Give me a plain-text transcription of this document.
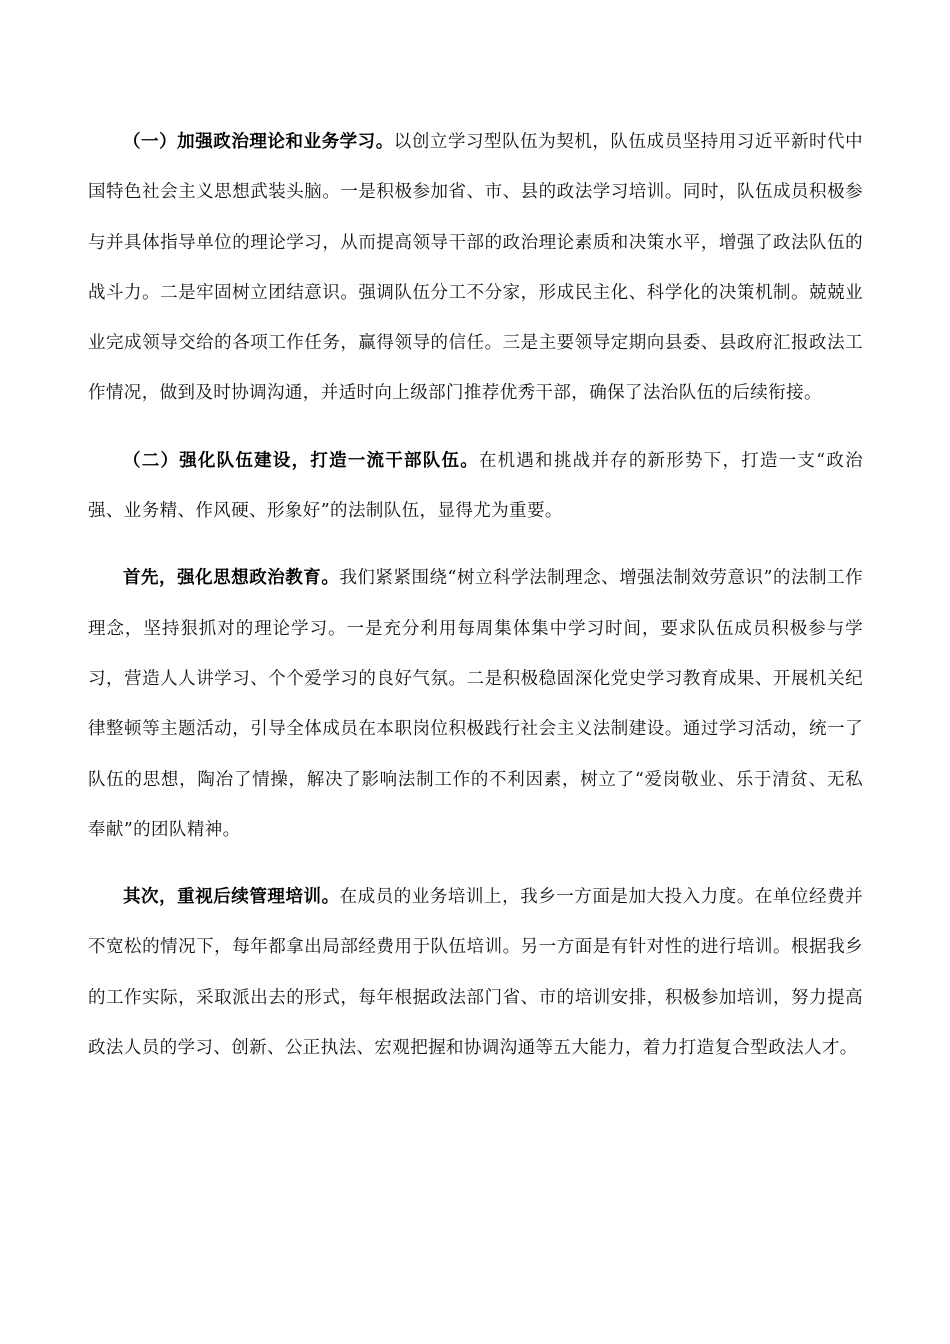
（一）加强政治理论和业务学习。以创立学习型队伍为契机，队伍成员坚持用习近平新时代中国特色社会主义思想武装头脑。一是积极参加省、市、县的政法学习培训。同时，队伍成员积极参与并具体指导单位的理论学习，从而提高领导干部的政治理论素质和决策水平，增强了政法队伍的战斗力。二是牢固树立团结意识。强调队伍分工不分家，形成民主化、科学化的决策机制。兢兢业业完成领导交给的各项工作任务，赢得领导的信任。三是主要领导定期向县委、县政府汇报政法工作情况，做到及时协调沟通，并适时向上级部门推荐优秀干部，确保了法治队伍的后续衔接。

（二）强化队伍建设，打造一流干部队伍。在机遇和挑战并存的新形势下，打造一支“政治强、业务精、作风硬、形象好”的法制队伍，显得尤为重要。

首先，强化思想政治教育。我们紧紧围绕“树立科学法制理念、增强法制效劳意识”的法制工作理念，坚持狠抓对的理论学习。一是充分利用每周集体集中学习时间，要求队伍成员积极参与学习，营造人人讲学习、个个爱学习的良好气氛。二是积极稳固深化党史学习教育成果、开展机关纪律整顿等主题活动，引导全体成员在本职岗位积极践行社会主义法制建设。通过学习活动，统一了队伍的思想，陶冶了情操，解决了影响法制工作的不利因素，树立了“爱岗敬业、乐于清贫、无私奉献”的团队精神。

其次，重视后续管理培训。在成员的业务培训上，我乡一方面是加大投入力度。在单位经费并不宽松的情况下，每年都拿出局部经费用于队伍培训。另一方面是有针对性的进行培训。根据我乡的工作实际，采取派出去的形式，每年根据政法部门省、市的培训安排，积极参加培训，努力提高政法人员的学习、创新、公正执法、宏观把握和协调沟通等五大能力，着力打造复合型政法人才。
